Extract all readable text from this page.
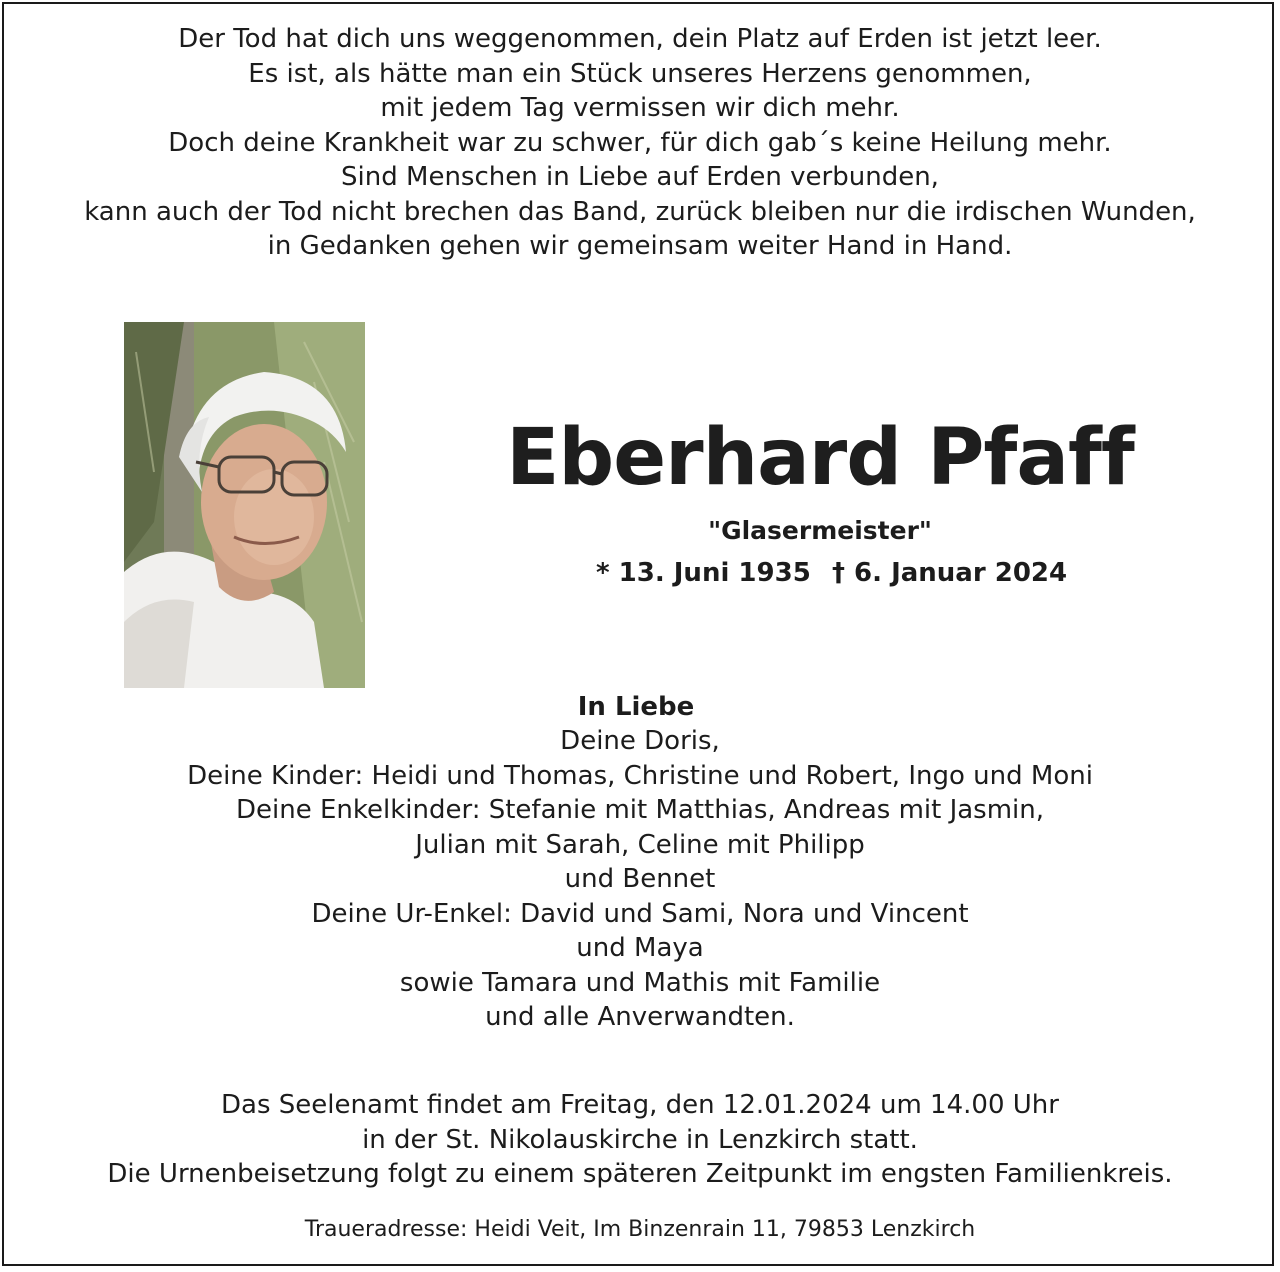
Der Tod hat dich uns weggenommen, dein Platz auf Erden ist jetzt leer.
Es ist, als hätte man ein Stück unseres Herzens genommen,
mit jedem Tag vermissen wir dich mehr.
Doch deine Krankheit war zu schwer, für dich gab´s keine Heilung mehr.
Sind Menschen in Liebe auf Erden verbunden,
kann auch der Tod nicht brechen das Band, zurück bleiben nur die irdischen Wunden,
in Gedanken gehen wir gemeinsam weiter Hand in Hand.
Eberhard Pfaff
"Glasermeister"
* 13. Juni 1935 † 6. Januar 2024
In Liebe
Deine Doris,
Deine Kinder: Heidi und Thomas, Christine und Robert, Ingo und Moni
Deine Enkelkinder: Stefanie mit Matthias, Andreas mit Jasmin,
Julian mit Sarah, Celine mit Philipp
und Bennet
Deine Ur-Enkel: David und Sami, Nora und Vincent
und Maya
sowie Tamara und Mathis mit Familie
und alle Anverwandten.
Das Seelenamt findet am Freitag, den 12.01.2024 um 14.00 Uhr
in der St. Nikolauskirche in Lenzkirch statt.
Die Urnenbeisetzung folgt zu einem späteren Zeitpunkt im engsten Familienkreis.
Traueradresse: Heidi Veit, Im Binzenrain 11, 79853 Lenzkirch
